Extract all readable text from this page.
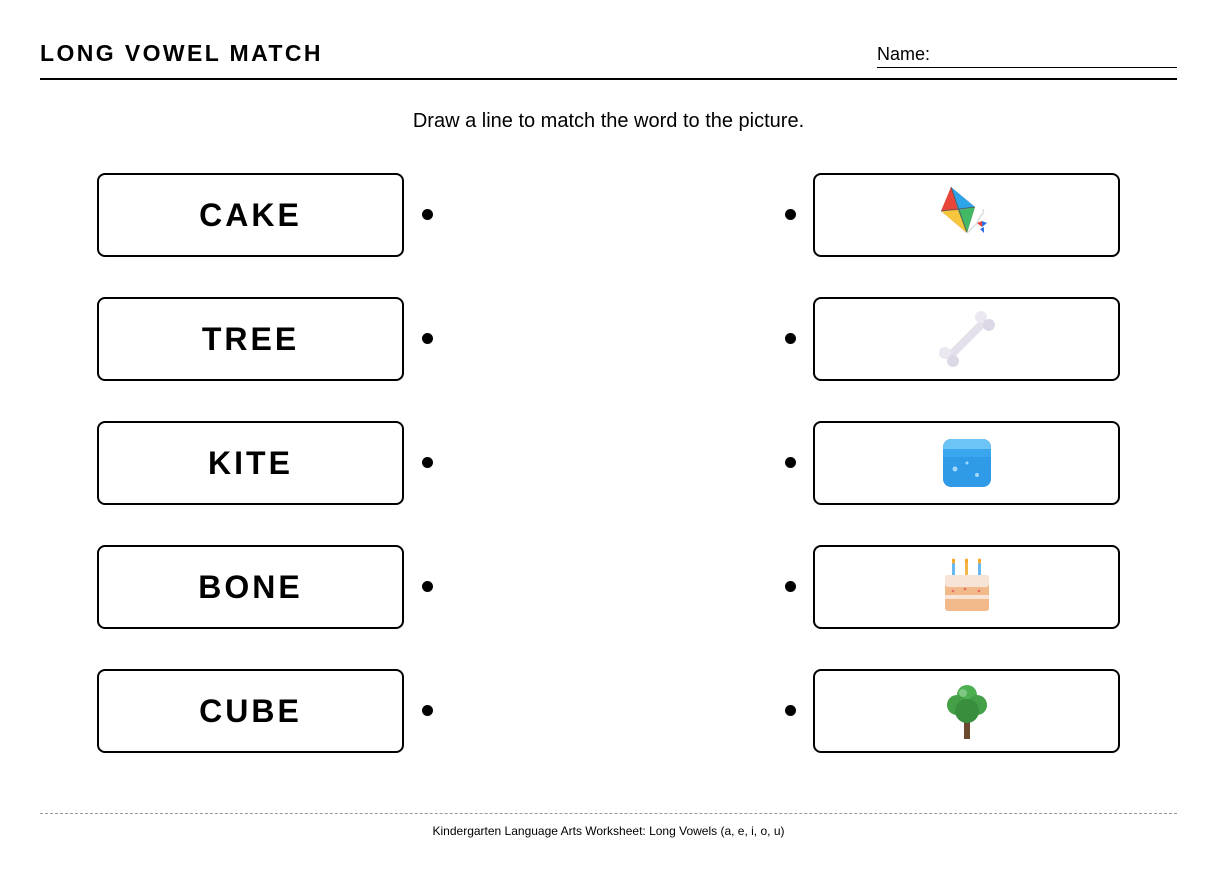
LONG VOWEL MATCH	Name:
Draw a line to match the word to the picture.
CAKE
TREE
KITE
BONE
CUBE
Kindergarten Language Arts Worksheet: Long Vowels (a, e, i, o, u)
